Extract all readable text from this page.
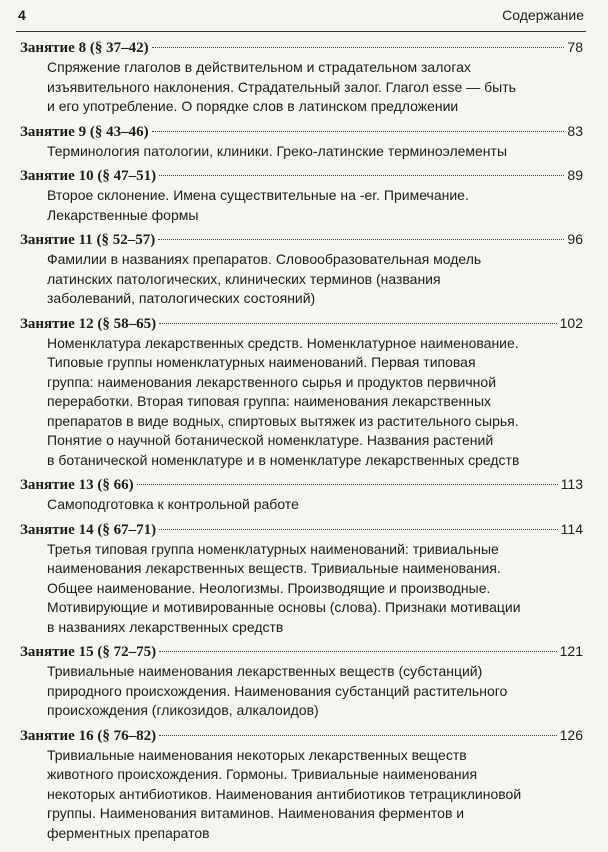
4	Содержание
Занятие 8 (§ 37–42)	78
Спряжение глаголов в действительном и страдательном залогах
изъявительного наклонения. Страдательный залог. Глагол esse — быть
и его употребление. О порядке слов в латинском предложении
Занятие 9 (§ 43–46)	83
Терминология патологии, клиники. Греко-латинские терминоэлементы
Занятие 10 (§ 47–51)	89
Второе склонение. Имена существительные на -er. Примечание.
Лекарственные формы
Занятие 11 (§ 52–57)	96
Фамилии в названиях препаратов. Словообразовательная модель
латинских патологических, клинических терминов (названия
заболеваний, патологических состояний)
Занятие 12 (§ 58–65)	102
Номенклатура лекарственных средств. Номенклатурное наименование.
Типовые группы номенклатурных наименований. Первая типовая
группа: наименования лекарственного сырья и продуктов первичной
переработки. Вторая типовая группа: наименования лекарственных
препаратов в виде водных, спиртовых вытяжек из растительного сырья.
Понятие о научной ботанической номенклатуре. Названия растений
в ботанической номенклатуре и в номенклатуре лекарственных средств
Занятие 13 (§ 66)	113
Самоподготовка к контрольной работе
Занятие 14 (§ 67–71)	114
Третья типовая группа номенклатурных наименований: тривиальные
наименования лекарственных веществ. Тривиальные наименования.
Общее наименование. Неологизмы. Производящие и производные.
Мотивирующие и мотивированные основы (слова). Признаки мотивации
в названиях лекарственных средств
Занятие 15 (§ 72–75)	121
Тривиальные наименования лекарственных веществ (субстанций)
природного происхождения. Наименования субстанций растительного
происхождения (гликозидов, алкалоидов)
Занятие 16 (§ 76–82)	126
Тривиальные наименования некоторых лекарственных веществ
животного происхождения. Гормоны. Тривиальные наименования
некоторых антибиотиков. Наименования антибиотиков тетрациклиновой
группы. Наименования витаминов. Наименования ферментов и
ферментных препаратов
